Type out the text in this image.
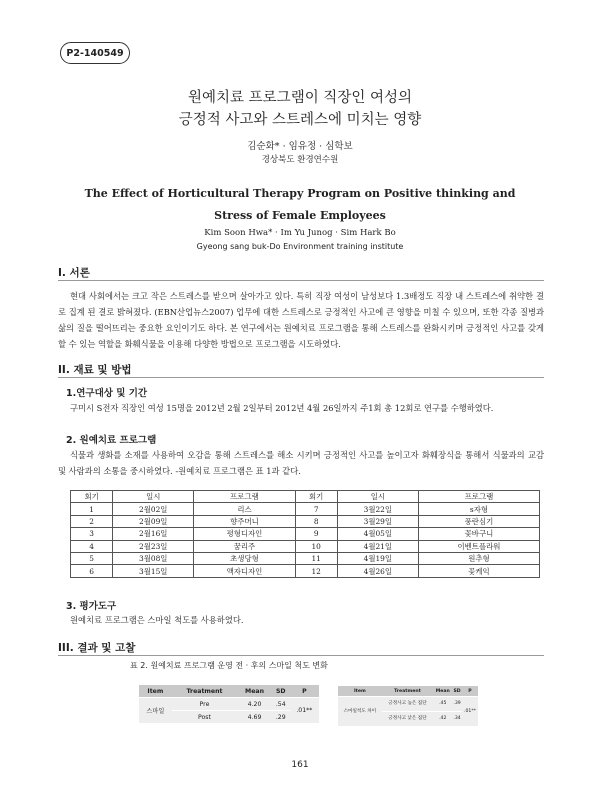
P2-140549
원예치료 프로그램이 직장인 여성의
긍정적 사고와 스트레스에 미치는 영향
김순화* · 임유정 · 심학보
경상북도 환경연수원
The Effect of Horticultural Therapy Program on Positive thinking and
Stress of Female Employees
Kim Soon Hwa* · Im Yu Junog · Sim Hark Bo
Gyeong sang buk-Do Environment training institute
I. 서론

현대 사회에서는 크고 작은 스트레스를 받으며 살아가고 있다. 특히 직장 여성이 남성보다 1.3배정도 직장 내 스트레스에 취약한 결로 집계 된 결로 밝혀졌다. (EBN산업뉴스2007) 업무에 대한 스트레스로 긍정적인 사고에 큰 영향을 미칠 수 있으며, 또한 각종 질병과 삶의 질을 떨어뜨리는 중요한 요인이기도 하다. 본 연구에서는 원예치료 프로그램을 통해 스트레스를 완화시키며 긍정적인 사고를 갖게 할 수 있는 역할을 화훼식물을 이용해 다양한 방법으로 프로그램을 시도하였다.

II. 재료 및 방법
1.연구대상 및 기간

구미시 S전자 직장인 여성 15명을 2012년 2월 2일부터 2012년 4월 26일까지 주1회 총 12회로 연구를 수행하였다.

2. 원예치료 프로그램

식물과 생화를 소재를 사용하여 오감을 통해 스트레스를 해소 시키며 긍정적인 사고를 높이고자 화훼장식을 통해서 식물과의 교감 및 사람과의 소통을 중시하였다. -원예치료 프로그램은 표 1과 같다.

회기	일시	프로그램	회기	일시	프로그램
1	2월02일	리스	7	3월22일	s자형
2	2월09일	향주머니	8	3월29일	풍란심기
3	2월16일	평형디자인	9	4월05일	꽃바구니
4	2월23일	꿈리주	10	4월21일	이벤트플라워
5	3월08일	초생당형	11	4월19일	원추형
6	3월15일	액자디자인	12	4월26일	꽃케익
3. 평가도구

원예치료 프로그램은 스마일 척도를 사용하였다.

III. 결과 및 고찰
표 2. 원예치료 프로그램 운영 전 · 후의 스마일 척도 변화
Item	Treatment	Mean	SD	P
스마일	Pre	4.20	.54	.01**
	Post	4.69	.29	
Item	Treatment	Mean	SD	P
스마일척도 차이	긍정사고 높은 집단	.45	.39	.01**
	긍정사고 낮은 집단	.42	.34	
161
